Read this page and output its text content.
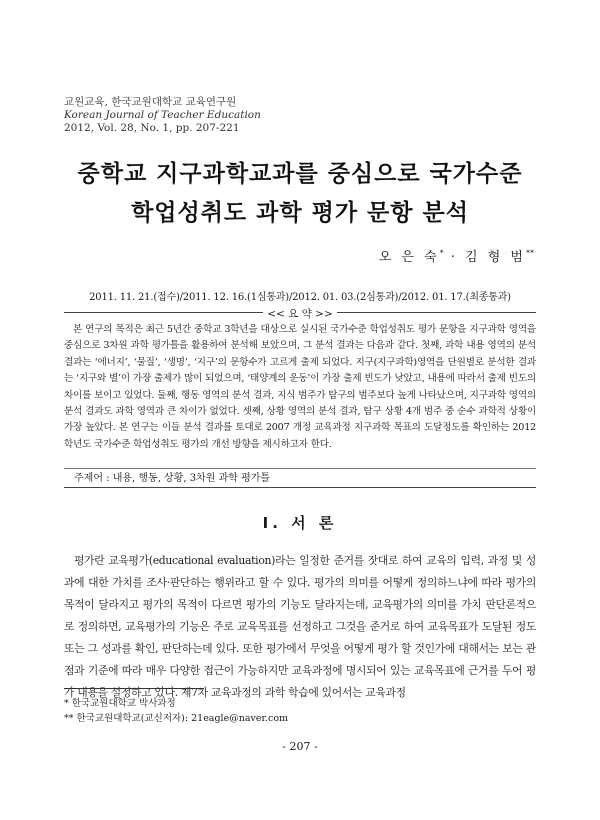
교원교육, 한국교원대학교 교육연구원
Korean Journal of Teacher Education
2012, Vol. 28, No. 1, pp. 207-221
중학교 지구과학교과를 중심으로 국가수준
학업성취도 과학 평가 문항 분석
오 은 숙* · 김 형 범**
2011. 11. 21.(접수)/2011. 12. 16.(1심통과)/2012. 01. 03.(2심통과)/2012. 01. 17.(최종통과)
<< 요 약 >>

본 연구의 목적은 최근 5년간 중학교 3학년을 대상으로 실시된 국가수준 학업성취도 평가 문항을 지구과학 영역을 중심으로 3차원 과학 평가틀을 활용하여 분석해 보았으며, 그 분석 결과는 다음과 같다. 첫째, 과학 내용 영역의 분석 결과는 ‘에너지’, ‘물질’, ‘생명’, ‘지구’의 문항수가 고르게 출제 되었다. 지구(지구과학)영역을 단원별로 분석한 결과는 ‘지구와 별’이 가장 출제가 많이 되었으며, ‘태양계의 운동’이 가장 출제 빈도가 낮았고, 내용에 따라서 출제 빈도의 차이를 보이고 있었다. 둘째, 행동 영역의 분석 결과, 지식 범주가 탐구의 범주보다 높게 나타났으며, 지구과학 영역의 분석 결과도 과학 영역과 큰 차이가 없었다. 셋째, 상황 영역의 분석 결과, 탐구 상황 4개 범주 중 순수 과학적 상황이 가장 높았다. 본 연구는 이들 분석 결과를 토대로 2007 개정 교육과정 지구과학 목표의 도달정도를 확인하는 2012학년도 국가수준 학업성취도 평가의 개선 방향을 제시하고자 한다.

주제어 : 내용, 행동, 상황, 3차원 과학 평가틀
I. 서 론

평가란 교육평가(educational evaluation)라는 일정한 준거를 잣대로 하여 교육의 입력, 과정 및 성과에 대한 가치를 조사·판단하는 행위라고 할 수 있다. 평가의 의미를 어떻게 정의하느냐에 따라 평가의 목적이 달라지고 평가의 목적이 다르면 평가의 기능도 달라지는데, 교육평가의 의미를 가치 판단론적으로 정의하면, 교육평가의 기능은 주로 교육목표를 선정하고 그것을 준거로 하여 교육목표가 도달된 정도 또는 그 성과를 확인, 판단하는데 있다. 또한 평가에서 무엇을 어떻게 평가 할 것인가에 대해서는 보는 관점과 기준에 따라 매우 다양한 접근이 가능하지만 교육과정에 명시되어 있는 교육목표에 근거를 두어 평가 내용을 설정하고 있다. 제7차 교육과정의 과학 학습에 있어서는 교육과정

* 한국교원대학교 박사과정
** 한국교원대학교(교신저자): 21eagle@naver.com
- 207 -
